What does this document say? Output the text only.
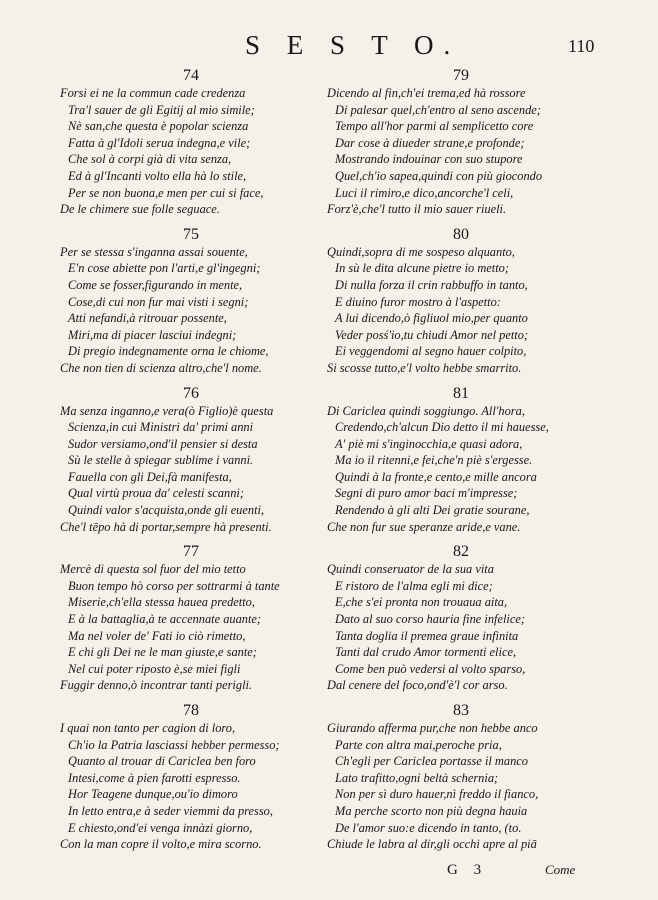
S E S T O.	110
74
Forsi ei ne la commun cade credenza
Tra'l sauer de gli Egitij al mio simile;
Nè san,che questa è popolar scienza
Fatta à gl'Idoli serua indegna,e vile;
Che sol à corpi già di vita senza,
Ed à gl'Incanti volto ella hà lo stile,
Per se non buona,e men per cui si face,
De le chimere sue folle seguace.
75
Per se stessa s'inganna assai souente,
E'n cose abiette pon l'arti,e gl'ingegni;
Come se fosser,figurando in mente,
Cose,di cui non fur mai visti i segni;
Atti nefandi,à ritrouar possente,
Miri,ma di piacer lasciui indegni;
Di pregio indegnamente orna le chiome,
Che non tien di scienza altro,che'l nome.
76
Ma senza inganno,e vera(ò Figlio)è questa
Scienza,in cui Ministri da' primi anni
Sudor versiamo,ond'il pensier si desta
Sù le stelle à spiegar sublime i vanni.
Fauella con gli Dei,fà manifesta,
Qual virtù proua da' celesti scanni;
Quindi valor s'acquista,onde gli euenti,
Che'l tēpo hà di portar,sempre hà presenti.
77
Mercè di questa sol fuor del mio tetto
Buon tempo hò corso per sottrarmi à tante
Miserie,ch'ella stessa hauea predetto,
E à la battaglia,à te accennate auante;
Ma nel voler de' Fati io ciò rimetto,
E chi gli Dei ne le man giuste,e sante;
Nel cui poter riposto è,se miei figli
Fuggir denno,ò incontrar tanti perigli.
78
I quai non tanto per cagion di loro,
Ch'io la Patria lasciassi hebber permesso;
Quanto al trouar di Cariclea ben foro
Intesi,come à pien farotti espresso.
Hor Teagene dunque,ou'io dimoro
In letto entra,e à seder viemmi da presso,
E chiesto,ond'ei venga innàzi giorno,
Con la man copre il volto,e mira scorno.
79
Dicendo al fin,ch'ei trema,ed hà rossore
Di palesar quel,ch'entro al seno ascende;
Tempo all'hor parmi al semplicetto core
Dar cose à diueder strane,e profonde;
Mostrando indouinar con suo stupore
Quel,ch'io sapea,quindi con più giocondo
Luci il rimiro,e dico,ancorche'l celi,
Forz'è,che'l tutto il mio sauer riueli.
80
Quindi,sopra di me sospeso alquanto,
In sù le dita alcune pietre io metto;
Di nulla forza il crin rabbuffo in tanto,
E diuino furor mostro à l'aspetto:
A lui dicendo,ò figliuol mio,per quanto
Veder posś'io,tu chiudi Amor nel petto;
Ei veggendomi al segno hauer colpito,
Si scosse tutto,e'l volto hebbe smarrito.
81
Di Cariclea quindi soggiungo. All'hora,
Credendo,ch'alcun Dio detto il mi hauesse,
A' piè mi s'inginocchia,e quasi adora,
Ma io il ritenni,e fei,che'n piè s'ergesse.
Quindi à la fronte,e cento,e mille ancora
Segni di puro amor baci m'impresse;
Rendendo à gli alti Dei gratie sourane,
Che non fur sue speranze aride,e vane.
82
Quindi conseruator de la sua vita
E ristoro de l'alma egli mi dice;
E,che s'ei pronta non trouaua aita,
Dato al suo corso hauria fine infelice;
Tanta doglia il premea graue infinita
Tanti dal crudo Amor tormenti elice,
Come ben può vedersi al volto sparso,
Dal cenere del foco,ond'è'l cor arso.
83
Giurando afferma pur,che non hebbe anco
Parte con altra mai,peroche pria,
Ch'egli per Cariclea portasse il manco
Lato trafitto,ogni beltà schernia;
Non per sì duro hauer,nì freddo il fianco,
Ma perche scorto non più degna hauia
De l'amor suo:e dicendo in tanto, (to.
Chiude le labra al dir,gli occhi apre al piā
G 3	Come
